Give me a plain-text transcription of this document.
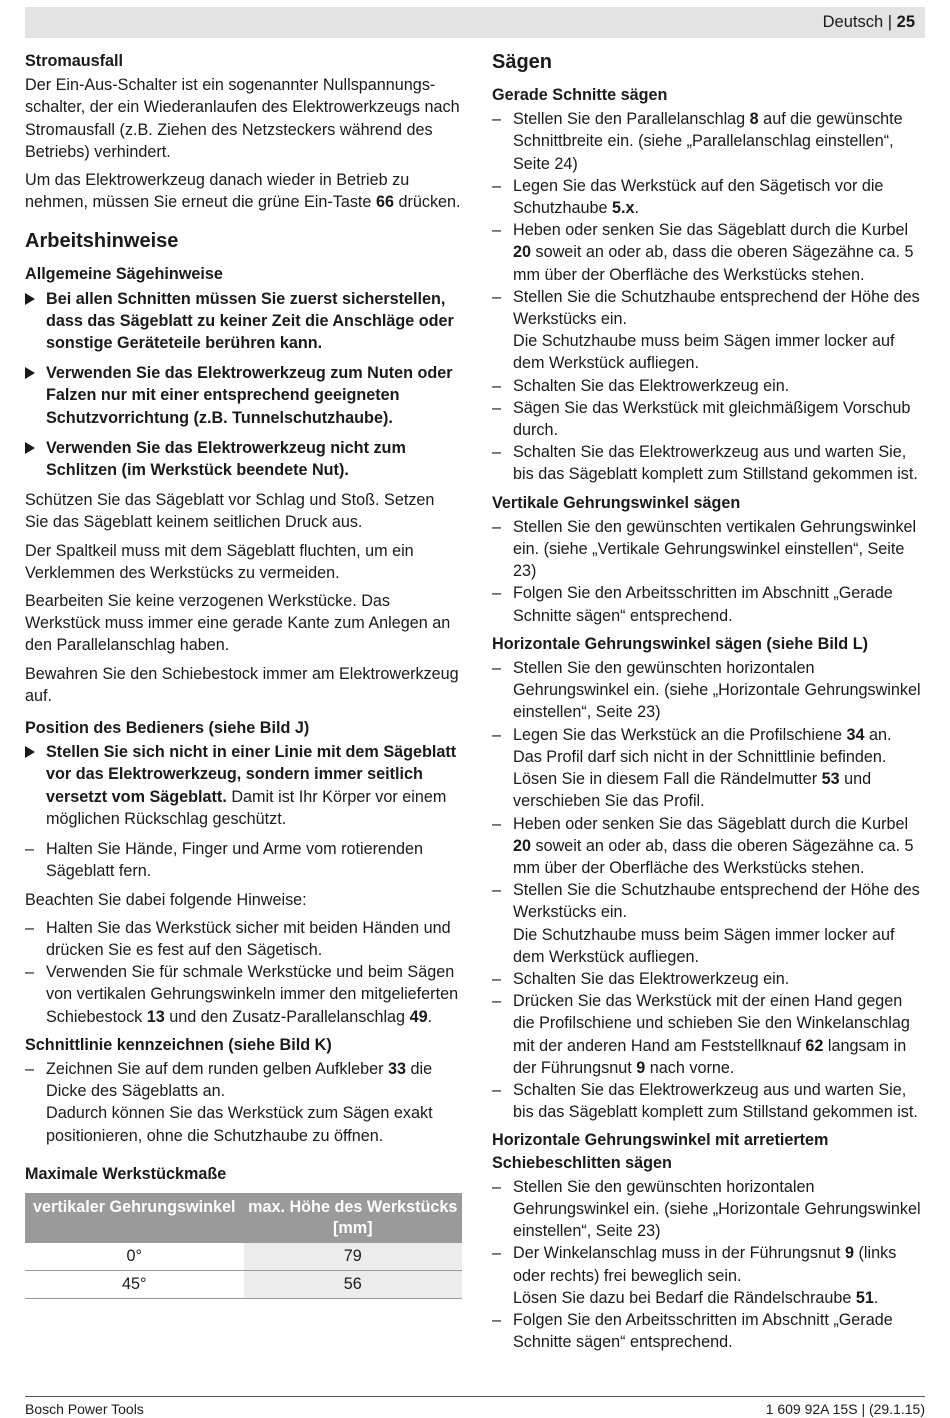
Deutsch | 25
Stromausfall

Der Ein-Aus-Schalter ist ein sogenannter Nullspannungs-schalter, der ein Wiederanlaufen des Elektrowerkzeugs nach Stromausfall (z.B. Ziehen des Netzsteckers während des Betriebs) verhindert.

Um das Elektrowerkzeug danach wieder in Betrieb zu nehmen, müssen Sie erneut die grüne Ein-Taste 66 drücken.

Arbeitshinweise
Allgemeine Sägehinweise
Bei allen Schnitten müssen Sie zuerst sicherstellen, dass das Sägeblatt zu keiner Zeit die Anschläge oder sonstige Geräteteile berühren kann.
Verwenden Sie das Elektrowerkzeug zum Nuten oder Falzen nur mit einer entsprechend geeigneten Schutzvorrichtung (z.B. Tunnelschutzhaube).
Verwenden Sie das Elektrowerkzeug nicht zum Schlitzen (im Werkstück beendete Nut).

Schützen Sie das Sägeblatt vor Schlag und Stoß. Setzen Sie das Sägeblatt keinem seitlichen Druck aus.

Der Spaltkeil muss mit dem Sägeblatt fluchten, um ein Verklemmen des Werkstücks zu vermeiden.

Bearbeiten Sie keine verzogenen Werkstücke. Das Werkstück muss immer eine gerade Kante zum Anlegen an den Parallelanschlag haben.

Bewahren Sie den Schiebestock immer am Elektrowerkzeug auf.

Position des Bedieners (siehe Bild J)
Stellen Sie sich nicht in einer Linie mit dem Sägeblatt vor das Elektrowerkzeug, sondern immer seitlich versetzt vom Sägeblatt. Damit ist Ihr Körper vor einem möglichen Rückschlag geschützt.
– Halten Sie Hände, Finger und Arme vom rotierenden Sägeblatt fern.

Beachten Sie dabei folgende Hinweise:

– Halten Sie das Werkstück sicher mit beiden Händen und drücken Sie es fest auf den Sägetisch.
– Verwenden Sie für schmale Werkstücke und beim Sägen von vertikalen Gehrungswinkeln immer den mitgelieferten Schiebestock 13 und den Zusatz-Parallelanschlag 49.
Schnittlinie kennzeichnen (siehe Bild K)
– Zeichnen Sie auf dem runden gelben Aufkleber 33 die Dicke des Sägeblatts an.
Dadurch können Sie das Werkstück zum Sägen exakt positionieren, ohne die Schutzhaube zu öffnen.
Maximale Werkstückmaße
vertikaler Gehrungswinkel	max. Höhe des Werkstücks [mm]
0°	79
45°	56
Sägen
Gerade Schnitte sägen
– Stellen Sie den Parallelanschlag 8 auf die gewünschte Schnittbreite ein. (siehe „Parallelanschlag einstellen“, Seite 24)
– Legen Sie das Werkstück auf den Sägetisch vor die Schutzhaube 5.x.
– Heben oder senken Sie das Sägeblatt durch die Kurbel 20 soweit an oder ab, dass die oberen Sägezähne ca. 5 mm über der Oberfläche des Werkstücks stehen.
– Stellen Sie die Schutzhaube entsprechend der Höhe des Werkstücks ein.
Die Schutzhaube muss beim Sägen immer locker auf dem Werkstück aufliegen.
– Schalten Sie das Elektrowerkzeug ein.
– Sägen Sie das Werkstück mit gleichmäßigem Vorschub durch.
– Schalten Sie das Elektrowerkzeug aus und warten Sie, bis das Sägeblatt komplett zum Stillstand gekommen ist.
Vertikale Gehrungswinkel sägen
– Stellen Sie den gewünschten vertikalen Gehrungswinkel ein. (siehe „Vertikale Gehrungswinkel einstellen“, Seite 23)
– Folgen Sie den Arbeitsschritten im Abschnitt „Gerade Schnitte sägen“ entsprechend.
Horizontale Gehrungswinkel sägen (siehe Bild L)
– Stellen Sie den gewünschten horizontalen Gehrungswinkel ein. (siehe „Horizontale Gehrungswinkel einstellen“, Seite 23)
– Legen Sie das Werkstück an die Profilschiene 34 an.
Das Profil darf sich nicht in der Schnittlinie befinden. Lösen Sie in diesem Fall die Rändelmutter 53 und verschieben Sie das Profil.
– Heben oder senken Sie das Sägeblatt durch die Kurbel 20 soweit an oder ab, dass die oberen Sägezähne ca. 5 mm über der Oberfläche des Werkstücks stehen.
– Stellen Sie die Schutzhaube entsprechend der Höhe des Werkstücks ein.
Die Schutzhaube muss beim Sägen immer locker auf dem Werkstück aufliegen.
– Schalten Sie das Elektrowerkzeug ein.
– Drücken Sie das Werkstück mit der einen Hand gegen die Profilschiene und schieben Sie den Winkelanschlag mit der anderen Hand am Feststellknauf 62 langsam in der Führungsnut 9 nach vorne.
– Schalten Sie das Elektrowerkzeug aus und warten Sie, bis das Sägeblatt komplett zum Stillstand gekommen ist.
Horizontale Gehrungswinkel mit arretiertem Schiebeschlitten sägen
– Stellen Sie den gewünschten horizontalen Gehrungswinkel ein. (siehe „Horizontale Gehrungswinkel einstellen“, Seite 23)
– Der Winkelanschlag muss in der Führungsnut 9 (links oder rechts) frei beweglich sein.
Lösen Sie dazu bei Bedarf die Rändelschraube 51.
– Folgen Sie den Arbeitsschritten im Abschnitt „Gerade Schnitte sägen“ entsprechend.
Bosch Power Tools	1 609 92A 15S | (29.1.15)
